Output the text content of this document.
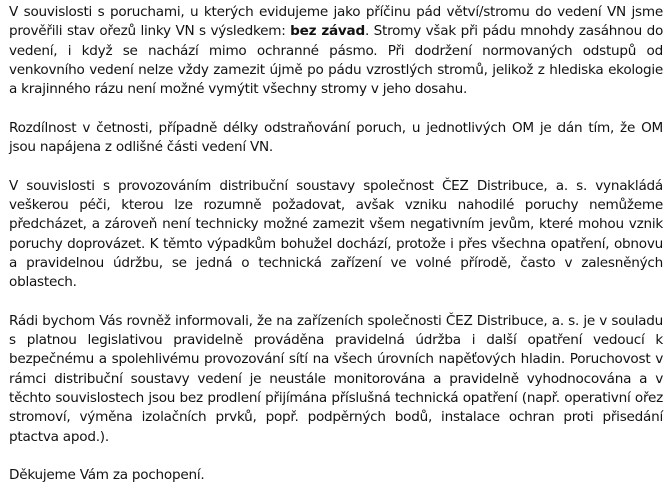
V souvislosti s poruchami, u kterých evidujeme jako příčinu pád větví/stromu do vedení VN jsme prověřili stav ořezů linky VN s výsledkem: bez závad. Stromy však při pádu mnohdy zasáhnou do vedení, i když se nachází mimo ochranné pásmo. Při dodržení normovaných odstupů od venkovního vedení nelze vždy zamezit újmě po pádu vzrostlých stromů, jelikož z hlediska ekologie a krajinného rázu není možné vymýtit všechny stromy v jeho dosahu.

Rozdílnost v četnosti, případně délky odstraňování poruch, u jednotlivých OM je dán tím, že OM jsou napájena z odlišné části vedení VN.

V souvislosti s provozováním distribuční soustavy společnost ČEZ Distribuce, a. s. vynakládá veškerou péči, kterou lze rozumně požadovat, avšak vzniku nahodilé poruchy nemůžeme předcházet, a zároveň není technicky možné zamezit všem negativním jevům, které mohou vznik poruchy doprovázet. K těmto výpadkům bohužel dochází, protože i přes všechna opatření, obnovu a pravidelnou údržbu, se jedná o technická zařízení ve volné přírodě, často v zalesněných oblastech.

Rádi bychom Vás rovněž informovali, že na zařízeních společnosti ČEZ Distribuce, a. s. je v souladu s platnou legislativou pravidelně prováděna pravidelná údržba i další opatření vedoucí k bezpečnému a spolehlivému provozování sítí na všech úrovních napěťových hladin. Poruchovost v rámci distribuční soustavy vedení je neustále monitorována a pravidelně vyhodnocována a v těchto souvislostech jsou bez prodlení přijímána příslušná technická opatření (např. operativní ořez stromoví, výměna izolačních prvků, popř. podpěrných bodů, instalace ochran proti přisedání ptactva apod.).

Děkujeme Vám za pochopení.
